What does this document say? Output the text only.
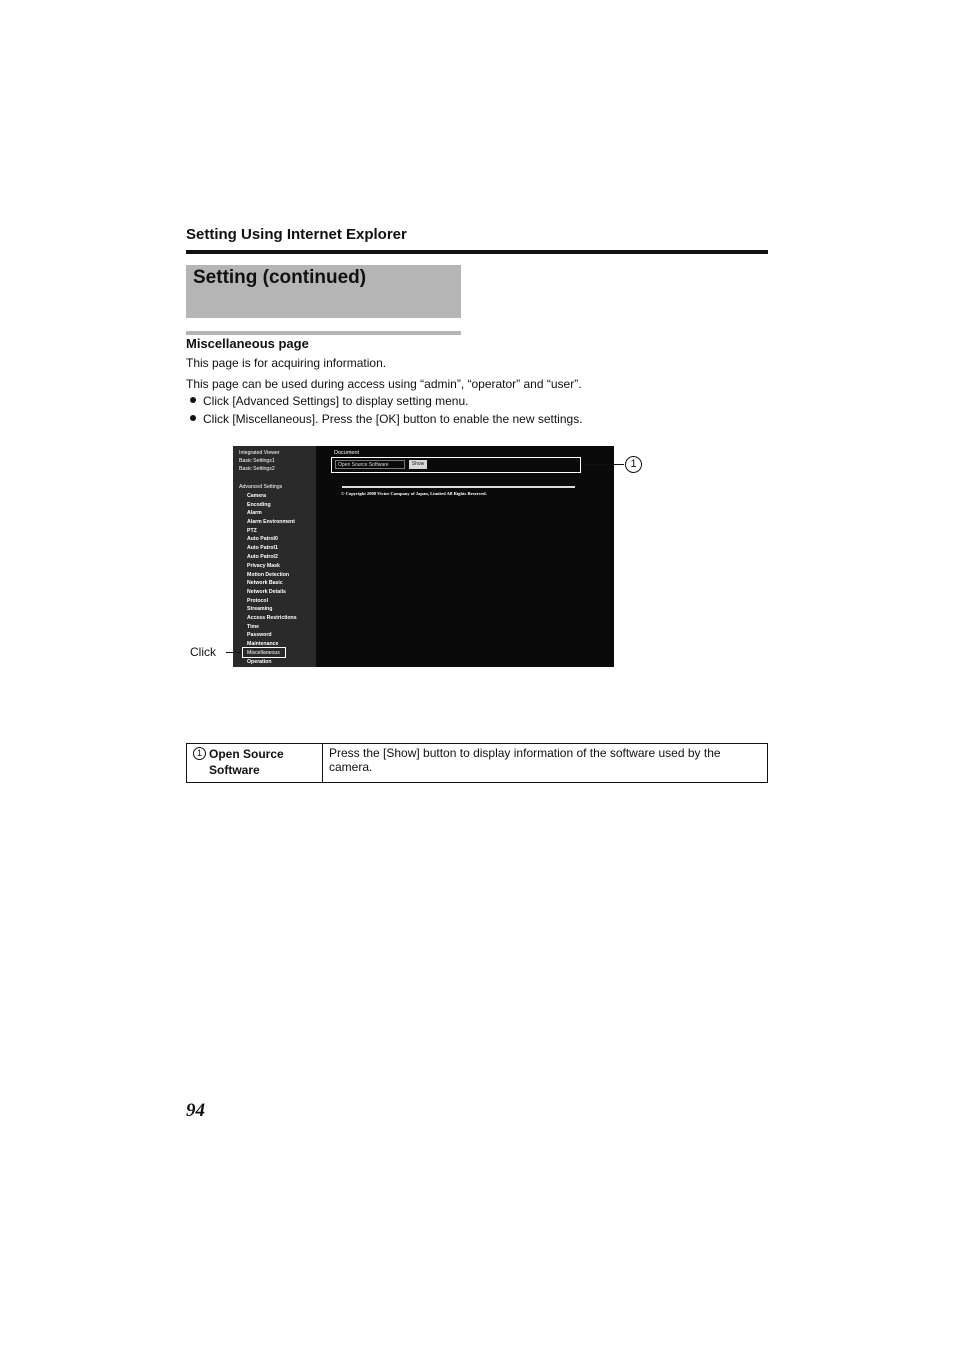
Setting Using Internet Explorer
Setting (continued)
Miscellaneous page
This page is for acquiring information.
This page can be used during access using “admin”, “operator” and “user”.
Click [Advanced Settings] to display setting menu.
Click [Miscellaneous]. Press the [OK] button to enable the new settings.
Integrated Viewer
Basic Settings1
Basic Settings2
Advanced Settings
Camera
Encoding
Alarm
Alarm Environment
PTZ
Auto Patrol0
Auto Patrol1
Auto Patrol2
Privacy Mask
Motion Detection
Network Basic
Network Details
Protocol
Streaming
Access Restrictions
Time
Password
Maintenance
Miscellaneous
Operation
Document
Open Source Software	Show
© Copyright 2008 Victor Company of Japan, Limited All Rights Reserved.
1
Click
1 Open Source Software	Press the [Show] button to display information of the software used by the camera.
94
